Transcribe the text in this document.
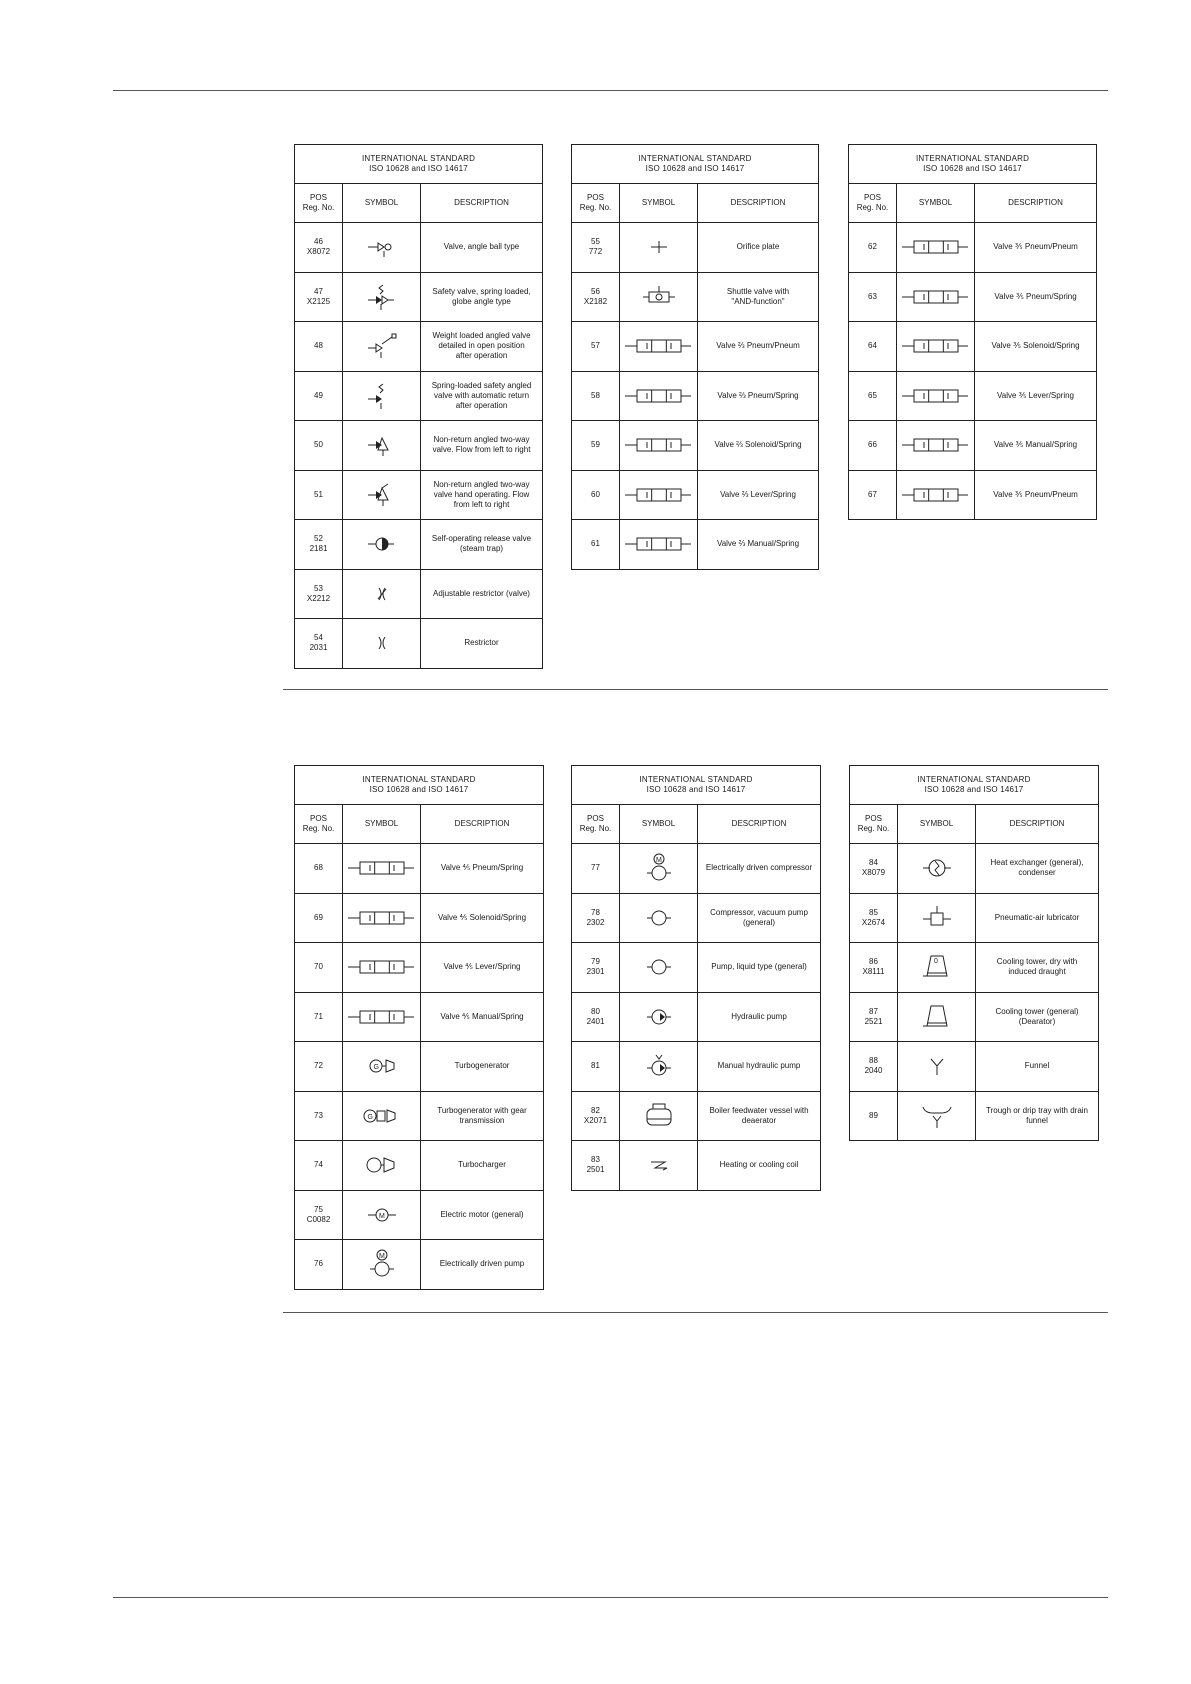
INTERNATIONAL STANDARD
ISO 10628 and ISO 14617		
POS
Reg. No.	SYMBOL	DESCRIPTION

46
X8072		Valve, angle ball type

47
X2125		Safety valve, spring loaded,
globe angle type

48		Weight loaded angled valve
detailed in open position
after operation

49		Spring-loaded safety angled
valve with automatic return
after operation

50		Non-return angled two-way
valve. Flow from left to right

51		Non-return angled two-way
valve hand operating. Flow
from left to right

52
2181		Self-operating release valve
(steam trap)

53
X2212		Adjustable restrictor (valve)

54
2031		Restrictor
INTERNATIONAL STANDARD
ISO 10628 and ISO 14617		
POS
Reg. No.	SYMBOL	DESCRIPTION

55
772		Orifice plate

56
X2182		Shuttle valve with
"AND-function"

57		Valve ⅔ Pneum/Pneum

58		Valve ⅔ Pneum/Spring

59		Valve ⅔ Solenoid/Spring

60		Valve ⅔ Lever/Spring

61		Valve ⅔ Manual/Spring
INTERNATIONAL STANDARD
ISO 10628 and ISO 14617		
POS
Reg. No.	SYMBOL	DESCRIPTION

62		Valve ⅗ Pneum/Pneum

63		Valve ⅗ Pneum/Spring

64		Valve ⅗ Solenoid/Spring

65		Valve ⅗ Lever/Spring

66		Valve ⅗ Manual/Spring

67		Valve ⅗ Pneum/Pneum
INTERNATIONAL STANDARD
ISO 10628 and ISO 14617		
POS
Reg. No.	SYMBOL	DESCRIPTION

68		Valve ⅘ Pneum/Spring

69		Valve ⅘ Solenoid/Spring

70		Valve ⅘ Lever/Spring

71		Valve ⅘ Manual/Spring

72	G	Turbogenerator

73	G	Turbogenerator with gear
transmission

74		Turbocharger

75
C0082	M	Electric motor (general)

76	M	Electrically driven pump
INTERNATIONAL STANDARD
ISO 10628 and ISO 14617		
POS
Reg. No.	SYMBOL	DESCRIPTION

77	M	Electrically driven compressor

78
2302		Compressor, vacuum pump
(general)

79
2301		Pump, liquid type (general)

80
2401		Hydraulic pump

81		Manual hydraulic pump

82
X2071		Boiler feedwater vessel with
deaerator

83
2501		Heating or cooling coil
INTERNATIONAL STANDARD
ISO 10628 and ISO 14617		
POS
Reg. No.	SYMBOL	DESCRIPTION

84
X8079		Heat exchanger (general),
condenser

85
X2674		Pneumatic-air lubricator

86
X8111	0	Cooling tower, dry with
induced draught

87
2521		Cooling tower (general)
(Dearator)

88
2040		Funnel

89		Trough or drip tray with drain
funnel
